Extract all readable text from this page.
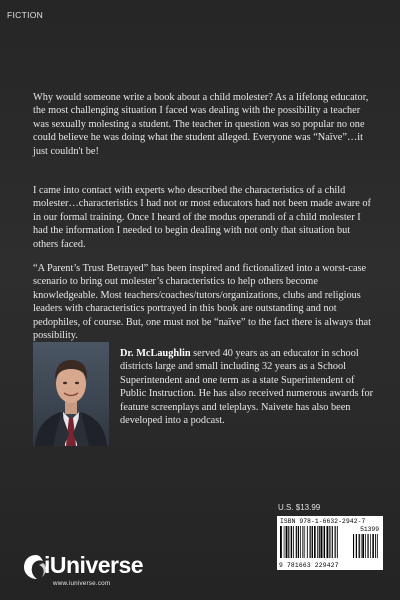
FICTION

Why would someone write a book about a child molester? As a lifelong educator, the most challenging situation I faced was dealing with the possibility a teacher was sexually molesting a student. The teacher in question was so popular no one could believe he was doing what the student alleged. Everyone was “Naïve”…it just couldn't be!

I came into contact with experts who described the characteristics of a child molester…characteristics I had not or most educators had not been made aware of in our formal training. Once I heard of the modus operandi of a child molester I had the information I needed to begin dealing with not only that situation but others faced.

“A Parent’s Trust Betrayed” has been inspired and fictionalized into a worst-case scenario to bring out molester’s characteristics to help others become knowledgeable. Most teachers/coaches/tutors/organizations, clubs and religious leaders with characteristics portrayed in this book are outstanding and not pedophiles, of course. But, one must not be “naïve” to the fact there is always that possibility.

Dr. McLaughlin served 40 years as an educator in school districts large and small including 32 years as a School Superintendent and one term as a state Superintendent of Public Instruction. He has also received numerous awards for feature screenplays and teleplays. Naivete has also been developed into a podcast.

U.S. $13.99
ISBN 978-1-6632-2942-7
51399
9 781663 229427
iUniverse
www.iuniverse.com
